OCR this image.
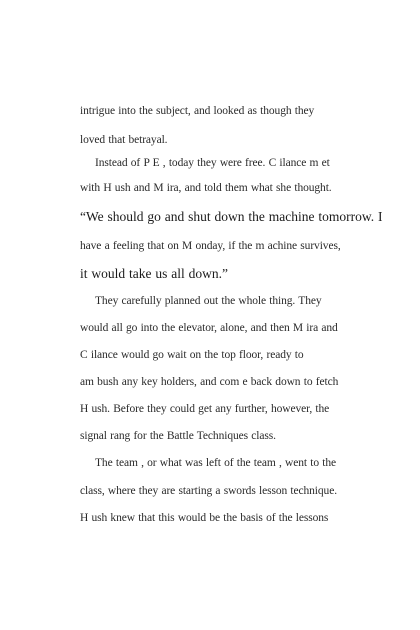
intrigue into the subject, and looked as though they
loved that betrayal.
Instead of P E , today they were free. C ilance m et
with H ush and M ira, and told them what she thought.
“We should go and shut down the machine tomorrow. I
have a feeling that on M onday, if the m achine survives,
it would take us all down.”
They carefully planned out the whole thing. They
would all go into the elevator, alone, and then M ira and
C ilance would go wait on the top floor, ready to
am bush any key holders, and com e back down to fetch
H ush. Before they could get any further, however, the
signal rang for the Battle Techniques class.
The team , or what was left of the team , went to the
class, where they are starting a swords lesson technique.
H ush knew that this would be the basis of the lessons
